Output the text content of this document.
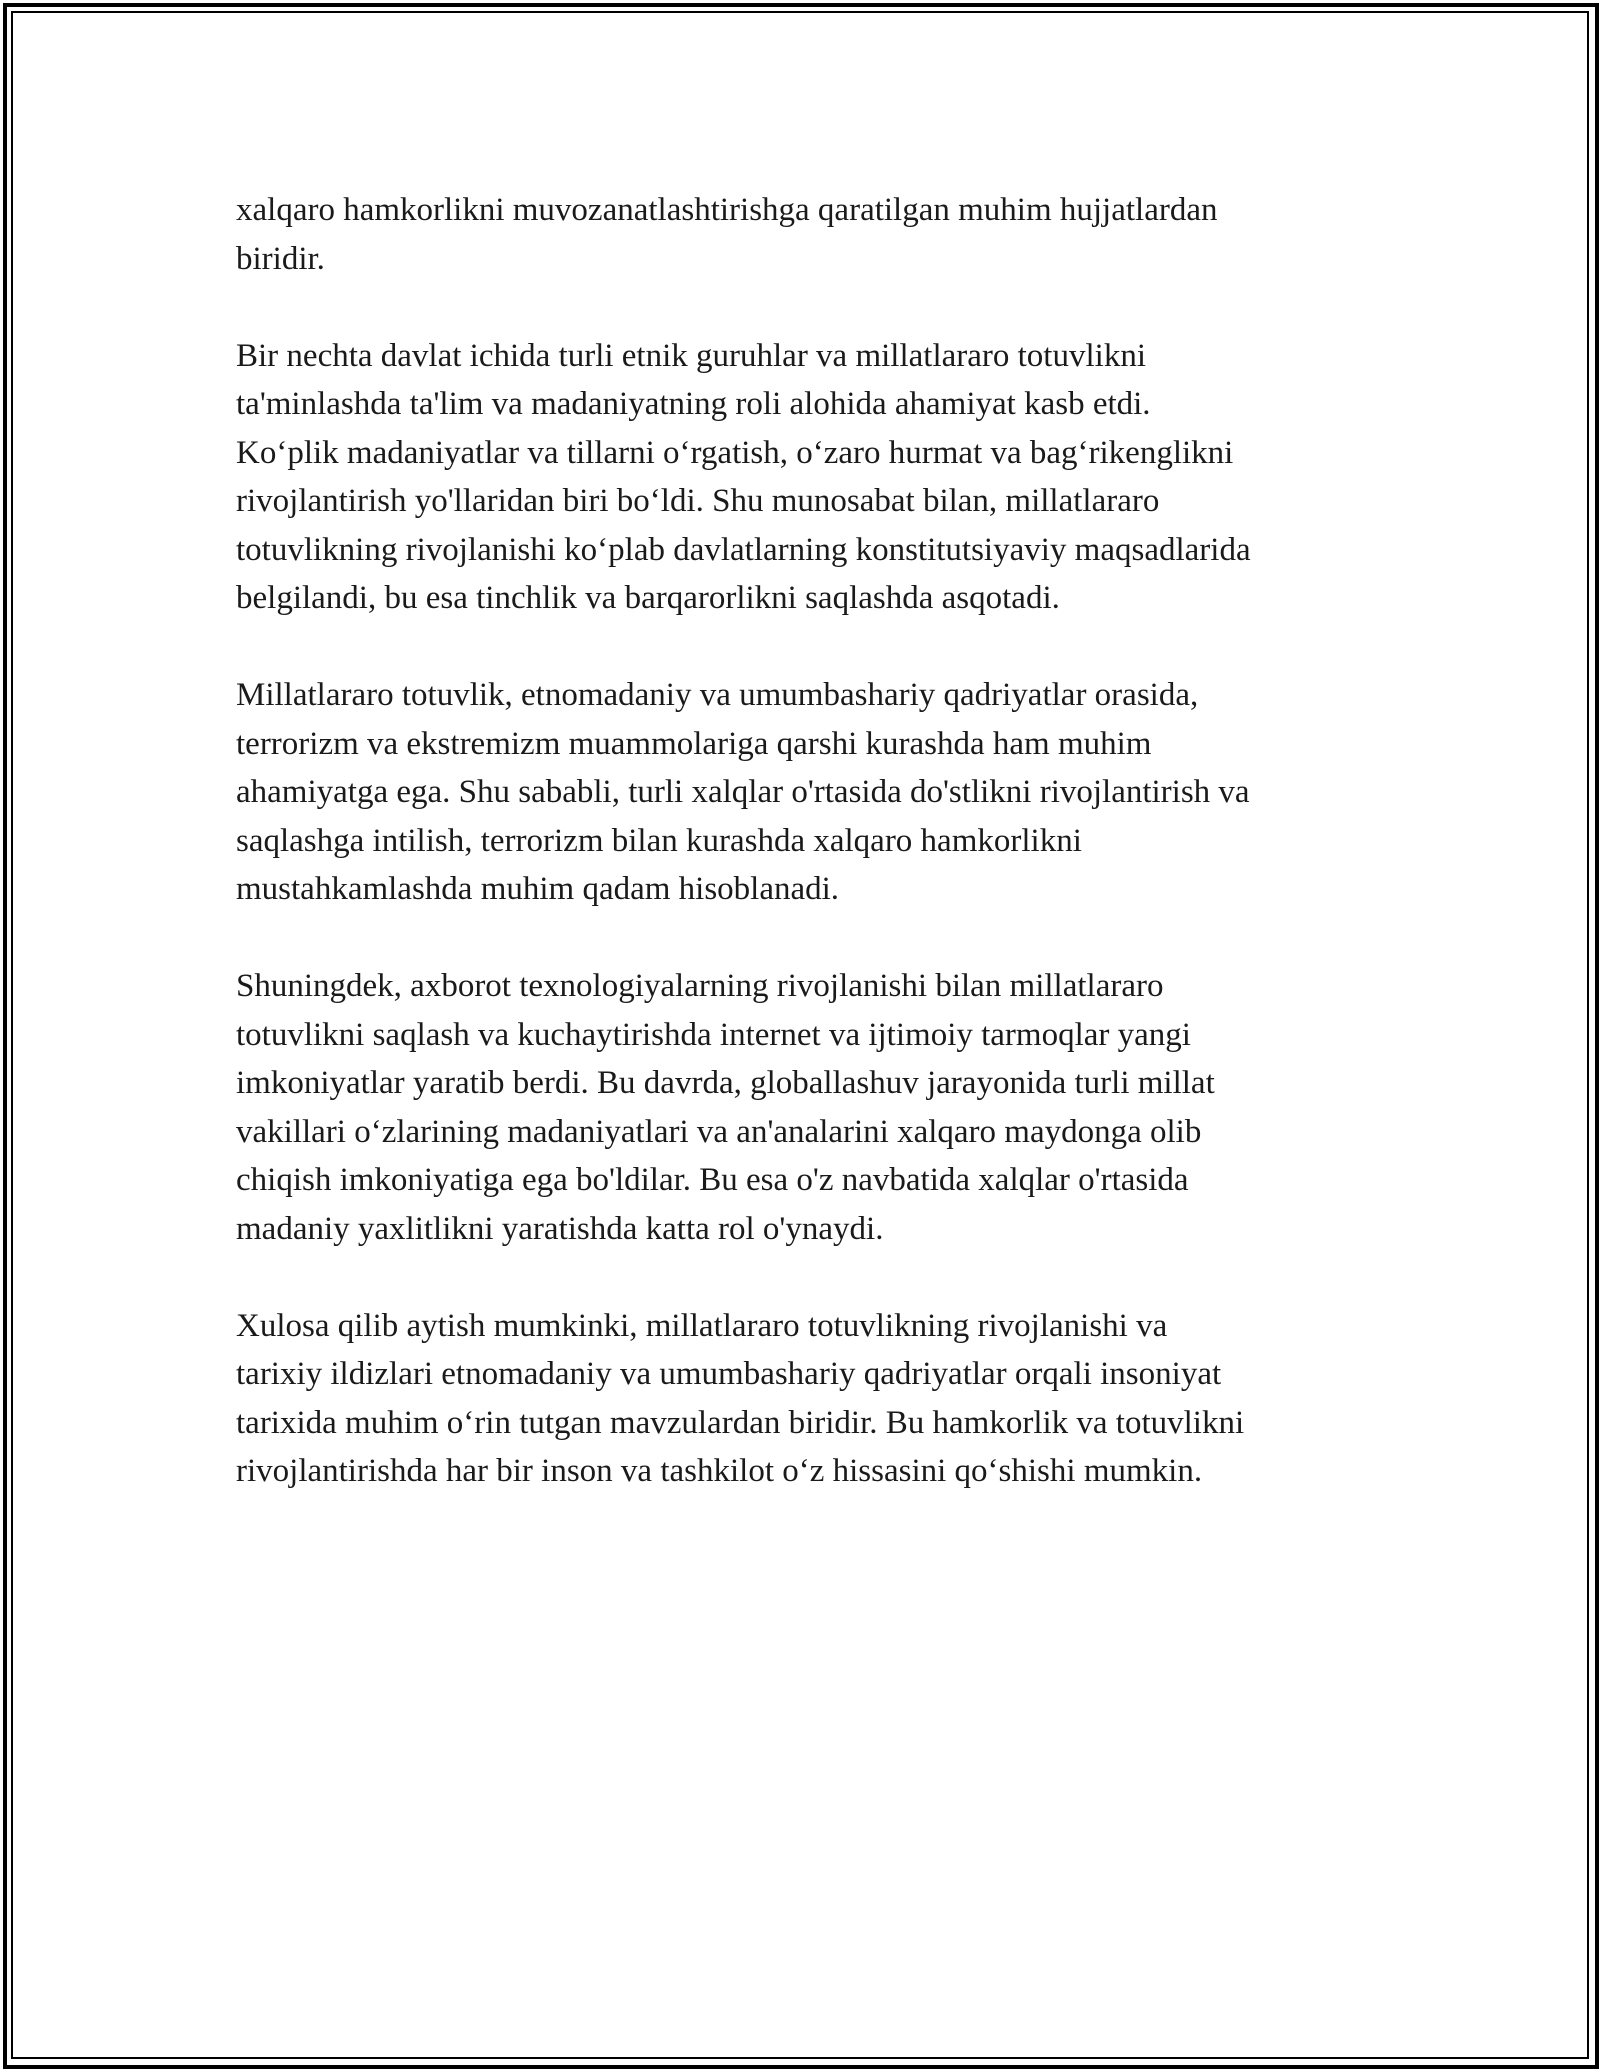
xalqaro hamkorlikni muvozanatlashtirishga qaratilgan muhim hujjatlardan
biridir.
Bir nechta davlat ichida turli etnik guruhlar va millatlararo totuvlikni
ta'minlashda ta'lim va madaniyatning roli alohida ahamiyat kasb etdi.
Ko‘plik madaniyatlar va tillarni o‘rgatish, o‘zaro hurmat va bag‘rikenglikni
rivojlantirish yo'llaridan biri bo‘ldi. Shu munosabat bilan, millatlararo
totuvlikning rivojlanishi ko‘plab davlatlarning konstitutsiyaviy maqsadlarida
belgilandi, bu esa tinchlik va barqarorlikni saqlashda asqotadi.
Millatlararo totuvlik, etnomadaniy va umumbashariy qadriyatlar orasida,
terrorizm va ekstremizm muammolariga qarshi kurashda ham muhim
ahamiyatga ega. Shu sababli, turli xalqlar o'rtasida do'stlikni rivojlantirish va
saqlashga intilish, terrorizm bilan kurashda xalqaro hamkorlikni
mustahkamlashda muhim qadam hisoblanadi.
Shuningdek, axborot texnologiyalarning rivojlanishi bilan millatlararo
totuvlikni saqlash va kuchaytirishda internet va ijtimoiy tarmoqlar yangi
imkoniyatlar yaratib berdi. Bu davrda, globallashuv jarayonida turli millat
vakillari o‘zlarining madaniyatlari va an'analarini xalqaro maydonga olib
chiqish imkoniyatiga ega bo'ldilar. Bu esa o'z navbatida xalqlar o'rtasida
madaniy yaxlitlikni yaratishda katta rol o'ynaydi.
Xulosa qilib aytish mumkinki, millatlararo totuvlikning rivojlanishi va
tarixiy ildizlari etnomadaniy va umumbashariy qadriyatlar orqali insoniyat
tarixida muhim o‘rin tutgan mavzulardan biridir. Bu hamkorlik va totuvlikni
rivojlantirishda har bir inson va tashkilot o‘z hissasini qo‘shishi mumkin.
